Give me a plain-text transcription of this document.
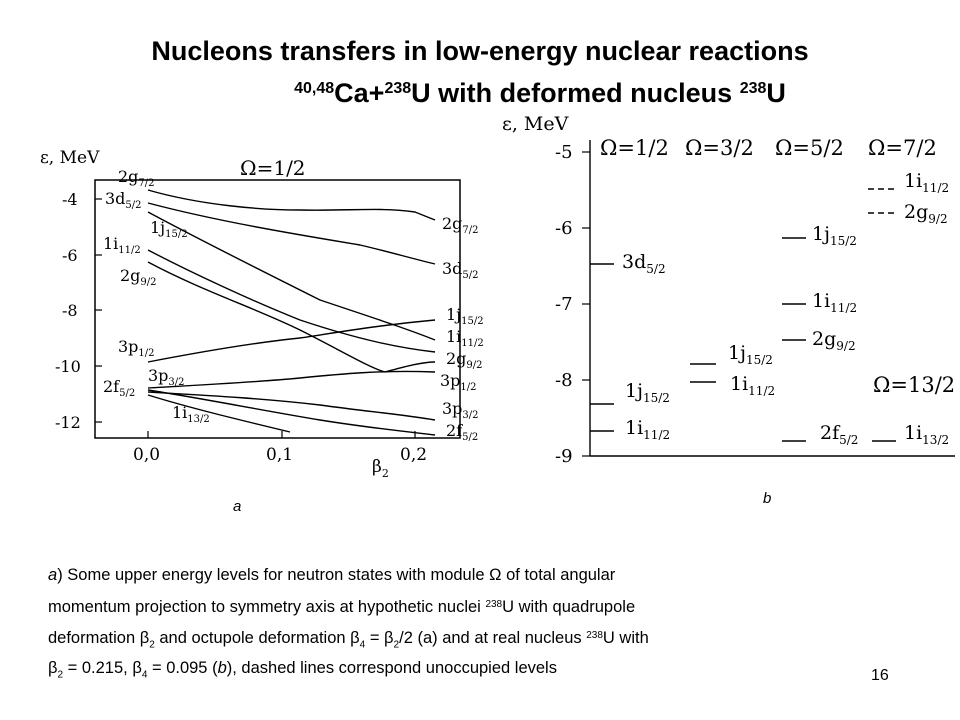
Nucleons transfers in low-energy nuclear reactions
$^{40,48}$Ca+$^{238}$U with deformed nucleus $^{238}$U
ε, MeV	Ω=1/2
-4
-6
-8
-10
-12
0,0	0,1	0,2
$\beta_2$
$2g_{7/2}$
$3d_{5/2}$
$1j_{15/2}$
$1i_{11/2}$
$2g_{9/2}$
$3p_{1/2}$
$3p_{3/2}$
$2f_{5/2}$
$1i_{13/2}$
$2g_{7/2}$
$3d_{5/2}$
$1j_{15/2}$
$1i_{11/2}$
$2g_{9/2}$
$3p_{1/2}$
$3p_{3/2}$
$2f_{5/2}$
ε, MeV
-5
-6
-7
-8
-9
Ω=1/2 Ω=3/2 Ω=5/2 Ω=7/2
Ω=13/2
$3d_{5/2}$
$1j_{15/2}$
$1i_{11/2}$
$1j_{15/2}$
$1i_{11/2}$
$1j_{15/2}$
$1i_{11/2}$
$2g_{9/2}$
$2f_{5/2}$
$1i_{11/2}$
$2g_{9/2}$
$1i_{13/2}$
a	b
a) Some upper energy levels for neutron states with module Ω of total angular
momentum projection to symmetry axis at hypothetic nuclei $^{238}$U with quadrupole
deformation $\beta_2$ and octupole deformation $\beta_4 = \beta_2/2$ (a) and at real nucleus $^{238}$U with
$\beta_2 = 0.215$, $\beta_4 = 0.095$ (b), dashed lines correspond unoccupied levels	16
